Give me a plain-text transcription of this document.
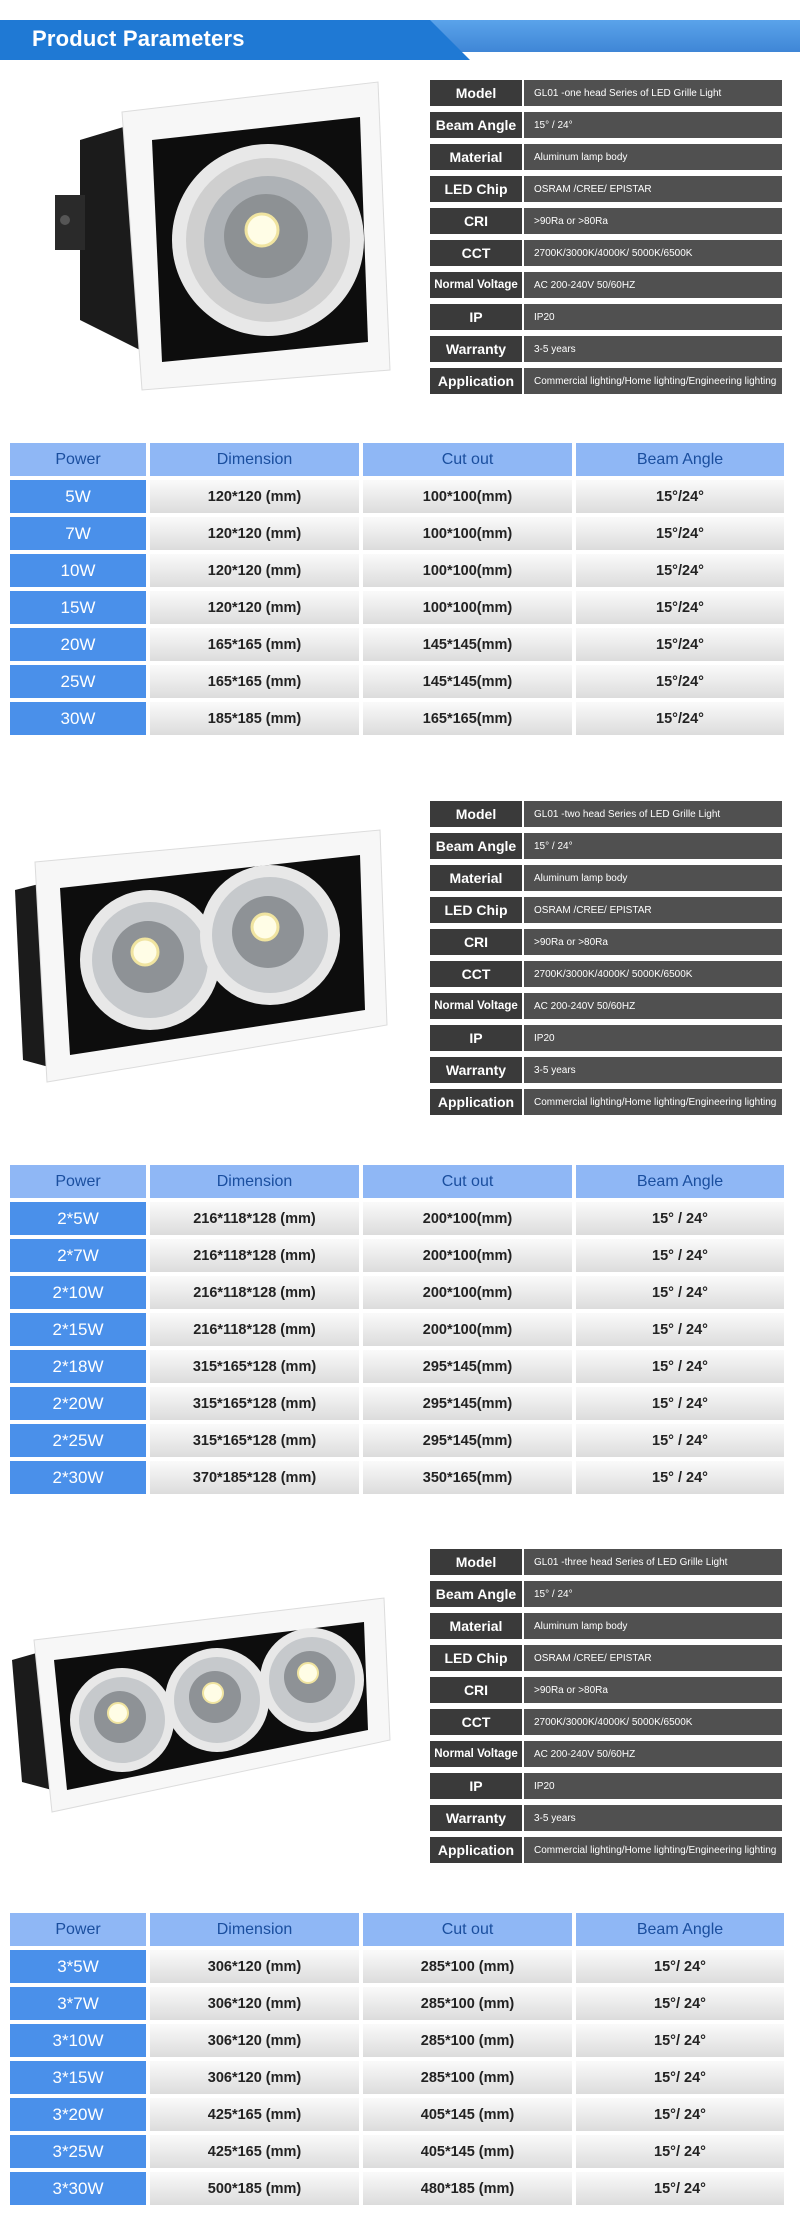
Product Parameters
Model	GL01 -one head Series of LED Grille Light
Beam Angle	15° / 24°
Material	Aluminum lamp body
LED Chip	OSRAM /CREE/ EPISTAR
CRI	>90Ra or >80Ra
CCT	2700K/3000K/4000K/ 5000K/6500K
Normal Voltage	AC 200-240V 50/60HZ
IP	IP20
Warranty	3-5 years
Application	Commercial lighting/Home lighting/Engineering lighting
Power	Dimension	Cut out	Beam Angle
5W	120*120 (mm)	100*100(mm)	15°/24°
7W	120*120 (mm)	100*100(mm)	15°/24°
10W	120*120 (mm)	100*100(mm)	15°/24°
15W	120*120 (mm)	100*100(mm)	15°/24°
20W	165*165 (mm)	145*145(mm)	15°/24°
25W	165*165 (mm)	145*145(mm)	15°/24°
30W	185*185 (mm)	165*165(mm)	15°/24°
Model	GL01 -two head Series of LED Grille Light
Beam Angle	15° / 24°
Material	Aluminum lamp body
LED Chip	OSRAM /CREE/ EPISTAR
CRI	>90Ra or >80Ra
CCT	2700K/3000K/4000K/ 5000K/6500K
Normal Voltage	AC 200-240V 50/60HZ
IP	IP20
Warranty	3-5 years
Application	Commercial lighting/Home lighting/Engineering lighting
Power	Dimension	Cut out	Beam Angle
2*5W	216*118*128 (mm)	200*100(mm)	15° / 24°
2*7W	216*118*128 (mm)	200*100(mm)	15° / 24°
2*10W	216*118*128 (mm)	200*100(mm)	15° / 24°
2*15W	216*118*128 (mm)	200*100(mm)	15° / 24°
2*18W	315*165*128 (mm)	295*145(mm)	15° / 24°
2*20W	315*165*128 (mm)	295*145(mm)	15° / 24°
2*25W	315*165*128 (mm)	295*145(mm)	15° / 24°
2*30W	370*185*128 (mm)	350*165(mm)	15° / 24°
Model	GL01 -three head Series of LED Grille Light
Beam Angle	15° / 24°
Material	Aluminum lamp body
LED Chip	OSRAM /CREE/ EPISTAR
CRI	>90Ra or >80Ra
CCT	2700K/3000K/4000K/ 5000K/6500K
Normal Voltage	AC 200-240V 50/60HZ
IP	IP20
Warranty	3-5 years
Application	Commercial lighting/Home lighting/Engineering lighting
Power	Dimension	Cut out	Beam Angle
3*5W	306*120 (mm)	285*100 (mm)	15°/ 24°
3*7W	306*120 (mm)	285*100 (mm)	15°/ 24°
3*10W	306*120 (mm)	285*100 (mm)	15°/ 24°
3*15W	306*120 (mm)	285*100 (mm)	15°/ 24°
3*20W	425*165 (mm)	405*145 (mm)	15°/ 24°
3*25W	425*165 (mm)	405*145 (mm)	15°/ 24°
3*30W	500*185 (mm)	480*185 (mm)	15°/ 24°
